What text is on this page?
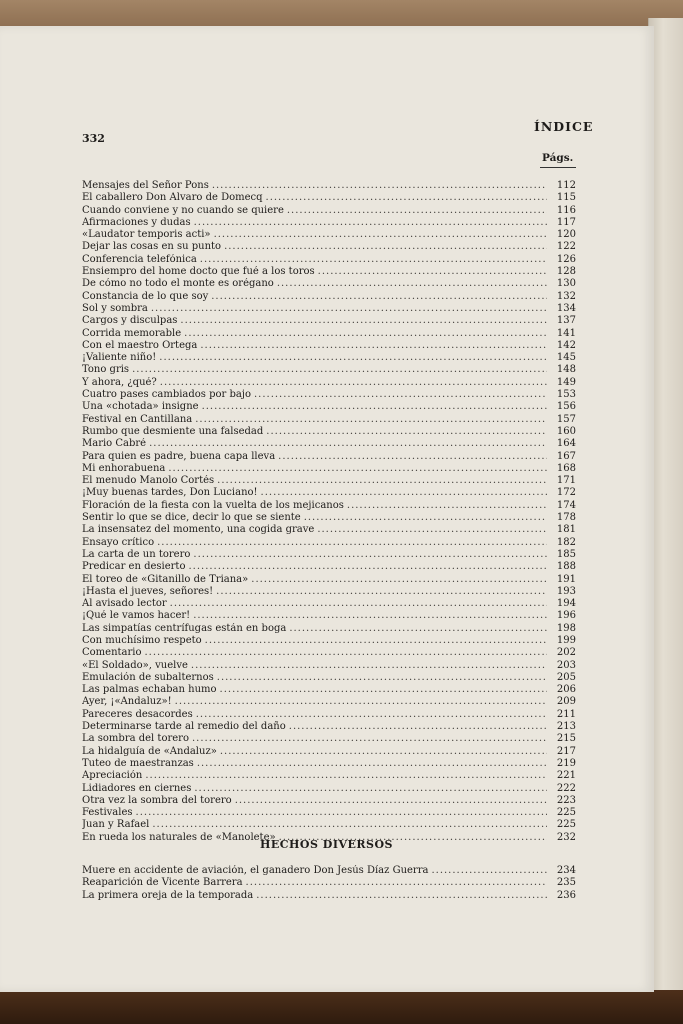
332
ÍNDICE
Págs.
Mensajes del Señor Pons .....	112
El caballero Don Alvaro de Domecq .....	115
Cuando conviene y no cuando se quiere .....	116
Afirmaciones y dudas .....	117
«Laudator temporis acti» .....	120
Dejar las cosas en su punto .....	122
Conferencia telefónica .....	126
Ensiempro del home docto que fué a los toros .....	128
De cómo no todo el monte es orégano .....	130
Constancia de lo que soy .....	132
Sol y sombra .....	134
Cargos y disculpas .....	137
Corrida memorable .....	141
Con el maestro Ortega .....	142
¡Valiente niño! .....	145
Tono gris .....	148
Y ahora, ¿qué? .....	149
Cuatro pases cambiados por bajo .....	153
Una «chotada» insigne .....	156
Festival en Cantillana .....	157
Rumbo que desmiente una falsedad .....	160
Mario Cabré .....	164
Para quien es padre, buena capa lleva .....	167
Mi enhorabuena .....	168
El menudo Manolo Cortés .....	171
¡Muy buenas tardes, Don Luciano! .....	172
Floración de la fiesta con la vuelta de los mejicanos .....	174
Sentir lo que se dice, decir lo que se siente .....	178
La insensatez del momento, una cogida grave .....	181
Ensayo crítico .....	182
La carta de un torero .....	185
Predicar en desierto .....	188
El toreo de «Gitanillo de Triana» .....	191
¡Hasta el jueves, señores! .....	193
Al avisado lector .....	194
¡Qué le vamos hacer! .....	196
Las simpatías centrífugas están en boga .....	198
Con muchísimo respeto .....	199
Comentario .....	202
«El Soldado», vuelve .....	203
Emulación de subalternos .....	205
Las palmas echaban humo .....	206
Ayer, ¡«Andaluz»! .....	209
Pareceres desacordes .....	211
Determinarse tarde al remedio del daño .....	213
La sombra del torero .....	215
La hidalguía de «Andaluz» .....	217
Tuteo de maestranzas .....	219
Apreciación .....	221
Lidiadores en ciernes .....	222
Otra vez la sombra del torero .....	223
Festivales .....	225
Juan y Rafael .....	225
En rueda los naturales de «Manolete» .....	232
HECHOS DIVERSOS
Muere en accidente de aviación, el ganadero Don Jesús Díaz Guerra .....	234
Reaparición de Vicente Barrera .....	235
La primera oreja de la temporada .....	236
